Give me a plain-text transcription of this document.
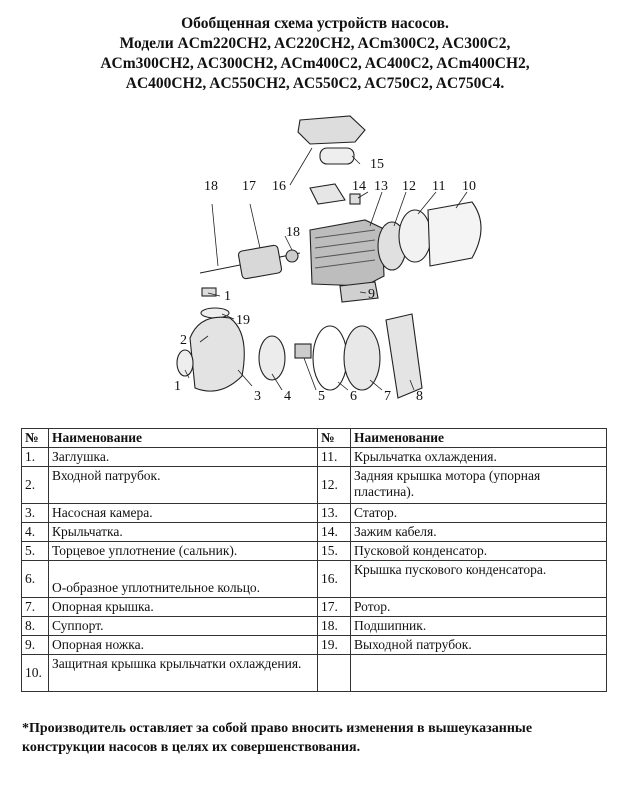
Обобщенная схема устройств насосов.
Модели ACm220CH2, AC220CH2, ACm300C2, AC300C2,
ACm300CH2, AC300CH2, ACm400C2, AC400C2, ACm400CH2,
AC400CH2, AC550CH2, AC550C2, AC750C2, AC750C4.
18 17 16
15
14 13 12 11 10
18
9
1
19
2
1
3 4 5 6 7 8
№	Наименование	№	Наименование
1.	Заглушка.	11.	Крыльчатка охлаждения.
2.	Входной патрубок.	12.	Задняя крышка мотора (упорная пластина).
3.	Насосная камера.	13.	Статор.
4.	Крыльчатка.	14.	Зажим кабеля.
5.	Торцевое уплотнение (сальник).	15.	Пусковой конденсатор.
6.	О-образное уплотнительное кольцо.	16.	Крышка пускового конденсатора.
7.	Опорная крышка.	17.	Ротор.
8.	Суппорт.	18.	Подшипник.
9.	Опорная ножка.	19.	Выходной патрубок.
10.	Защитная крышка крыльчатки охлаждения.		
*Производитель оставляет за собой право вносить изменения в вышеуказанные
конструкции насосов в целях их совершенствования.
